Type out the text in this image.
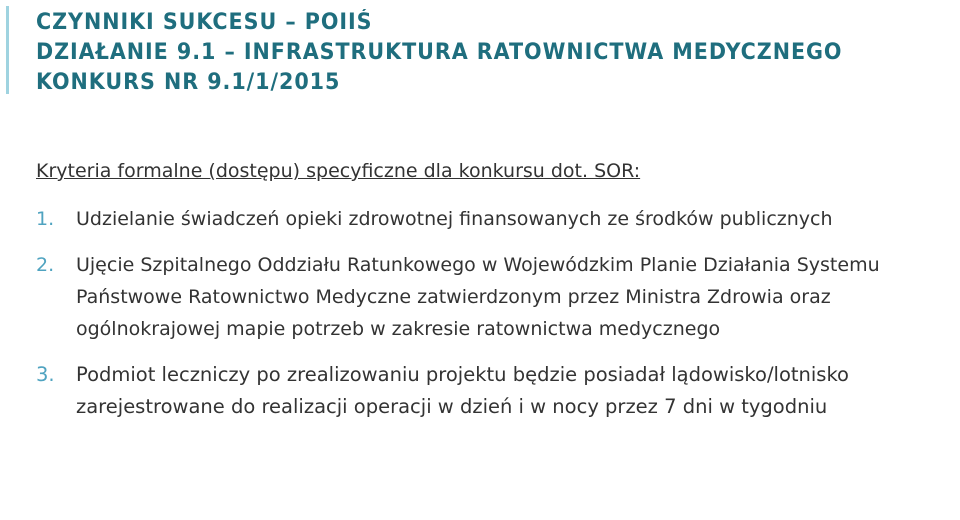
CZYNNIKI SUKCESU – POIIŚ
DZIAŁANIE 9.1 – INFRASTRUKTURA RATOWNICTWA MEDYCZNEGO
KONKURS NR 9.1/1/2015
Kryteria formalne (dostępu) specyficzne dla konkursu dot. SOR:
1.	Udzielanie świadczeń opieki zdrowotnej finansowanych ze środków publicznych
2.	Ujęcie Szpitalnego Oddziału Ratunkowego w Wojewódzkim Planie Działania Systemu Państwowe Ratownictwo Medyczne zatwierdzonym przez Ministra Zdrowia oraz ogólnokrajowej mapie potrzeb w zakresie ratownictwa medycznego
3.	Podmiot leczniczy po zrealizowaniu projektu będzie posiadał lądowisko/lotnisko zarejestrowane do realizacji operacji w dzień i w nocy przez 7 dni w tygodniu
